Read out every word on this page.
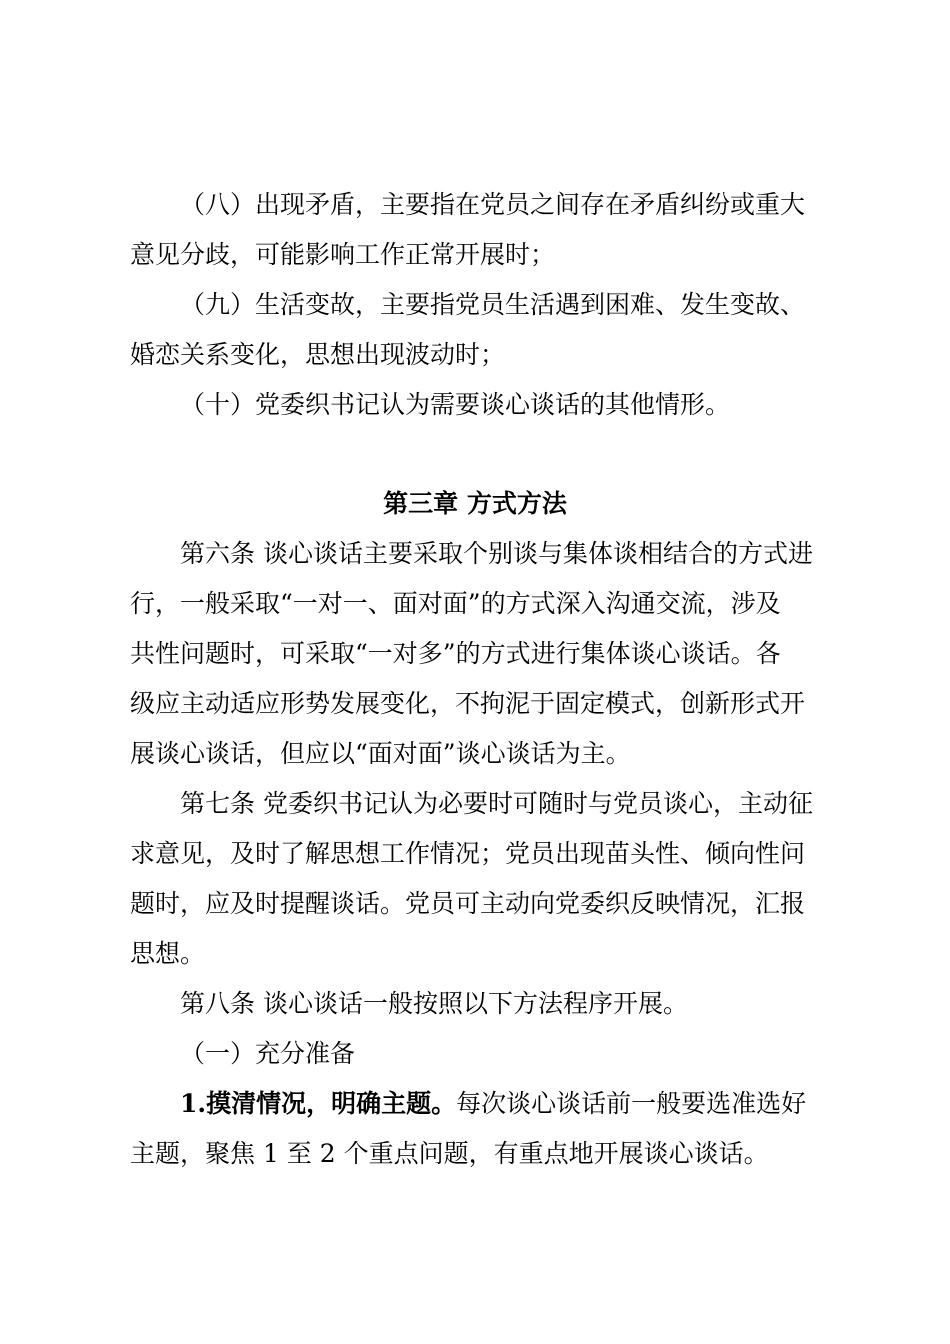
（八）出现矛盾，主要指在党员之间存在矛盾纠纷或重大
意见分歧，可能影响工作正常开展时；
（九）生活变故，主要指党员生活遇到困难、发生变故、
婚恋关系变化，思想出现波动时；
（十）党委织书记认为需要谈心谈话的其他情形。
第三章 方式方法
第六条 谈心谈话主要采取个别谈与集体谈相结合的方式进
行，一般采取“一对一、面对面”的方式深入沟通交流，涉及
共性问题时，可采取“一对多”的方式进行集体谈心谈话。各
级应主动适应形势发展变化，不拘泥于固定模式，创新形式开
展谈心谈话，但应以“面对面”谈心谈话为主。
第七条 党委织书记认为必要时可随时与党员谈心，主动征
求意见，及时了解思想工作情况；党员出现苗头性、倾向性问
题时，应及时提醒谈话。党员可主动向党委织反映情况，汇报
思想。
第八条 谈心谈话一般按照以下方法程序开展。
（一）充分准备
1.摸清情况，明确主题。每次谈心谈话前一般要选准选好
主题，聚焦 1 至 2 个重点问题，有重点地开展谈心谈话。
